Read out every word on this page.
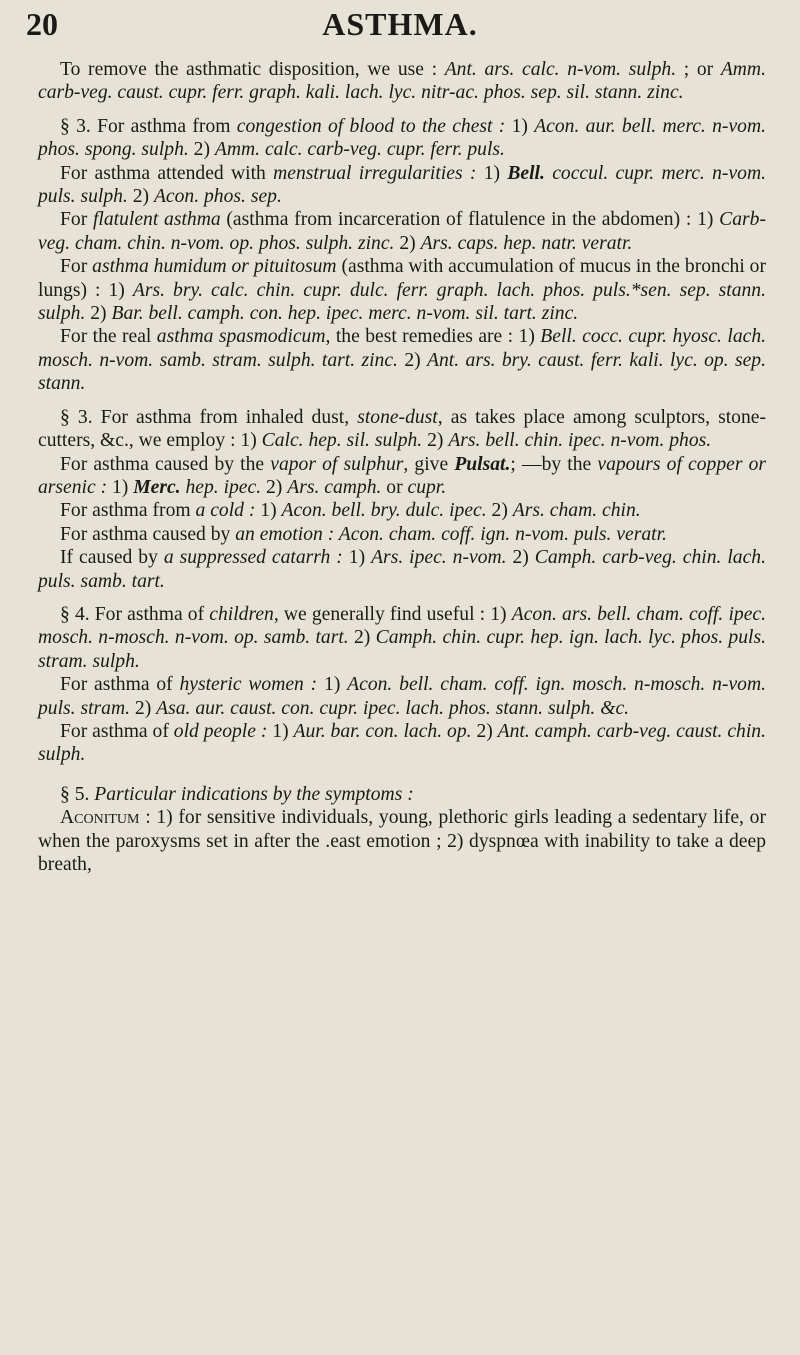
20	ASTHMA.

To remove the asthmatic disposition, we use : Ant. ars. calc. n-vom. sulph. ; or Amm. carb-veg. caust. cupr. ferr. graph. kali. lach. lyc. nitr-ac. phos. sep. sil. stann. zinc.

§ 3. For asthma from congestion of blood to the chest : 1) Acon. aur. bell. merc. n-vom. phos. spong. sulph. 2) Amm. calc. carb-veg. cupr. ferr. puls.

For asthma attended with menstrual irregularities : 1) Bell. coccul. cupr. merc. n-vom. puls. sulph. 2) Acon. phos. sep.

For flatulent asthma (asthma from incarceration of flatulence in the abdomen) : 1) Carb-veg. cham. chin. n-vom. op. phos. sulph. zinc. 2) Ars. caps. hep. natr. veratr.

For asthma humidum or pituitosum (asthma with accumulation of mucus in the bronchi or lungs) : 1) Ars. bry. calc. chin. cupr. dulc. ferr. graph. lach. phos. puls.*sen. sep. stann. sulph. 2) Bar. bell. camph. con. hep. ipec. merc. n-vom. sil. tart. zinc.

For the real asthma spasmodicum, the best remedies are : 1) Bell. cocc. cupr. hyosc. lach. mosch. n-vom. samb. stram. sulph. tart. zinc. 2) Ant. ars. bry. caust. ferr. kali. lyc. op. sep. stann.

§ 3. For asthma from inhaled dust, stone-dust, as takes place among sculptors, stone-cutters, &c., we employ : 1) Calc. hep. sil. sulph. 2) Ars. bell. chin. ipec. n-vom. phos.

For asthma caused by the vapor of sulphur, give Pulsat.; —by the vapours of copper or arsenic : 1) Merc. hep. ipec. 2) Ars. camph. or cupr.

For asthma from a cold : 1) Acon. bell. bry. dulc. ipec. 2) Ars. cham. chin.

For asthma caused by an emotion : Acon. cham. coff. ign. n-vom. puls. veratr.

If caused by a suppressed catarrh : 1) Ars. ipec. n-vom. 2) Camph. carb-veg. chin. lach. puls. samb. tart.

§ 4. For asthma of children, we generally find useful : 1) Acon. ars. bell. cham. coff. ipec. mosch. n-mosch. n-vom. op. samb. tart. 2) Camph. chin. cupr. hep. ign. lach. lyc. phos. puls. stram. sulph.

For asthma of hysteric women : 1) Acon. bell. cham. coff. ign. mosch. n-mosch. n-vom. puls. stram. 2) Asa. aur. caust. con. cupr. ipec. lach. phos. stann. sulph. &c.

For asthma of old people : 1) Aur. bar. con. lach. op. 2) Ant. camph. carb-veg. caust. chin. sulph.

§ 5. Particular indications by the symptoms :

Aconitum : 1) for sensitive individuals, young, plethoric girls leading a sedentary life, or when the paroxysms set in after the .east emotion ; 2) dyspnœa with inability to take a deep breath,
